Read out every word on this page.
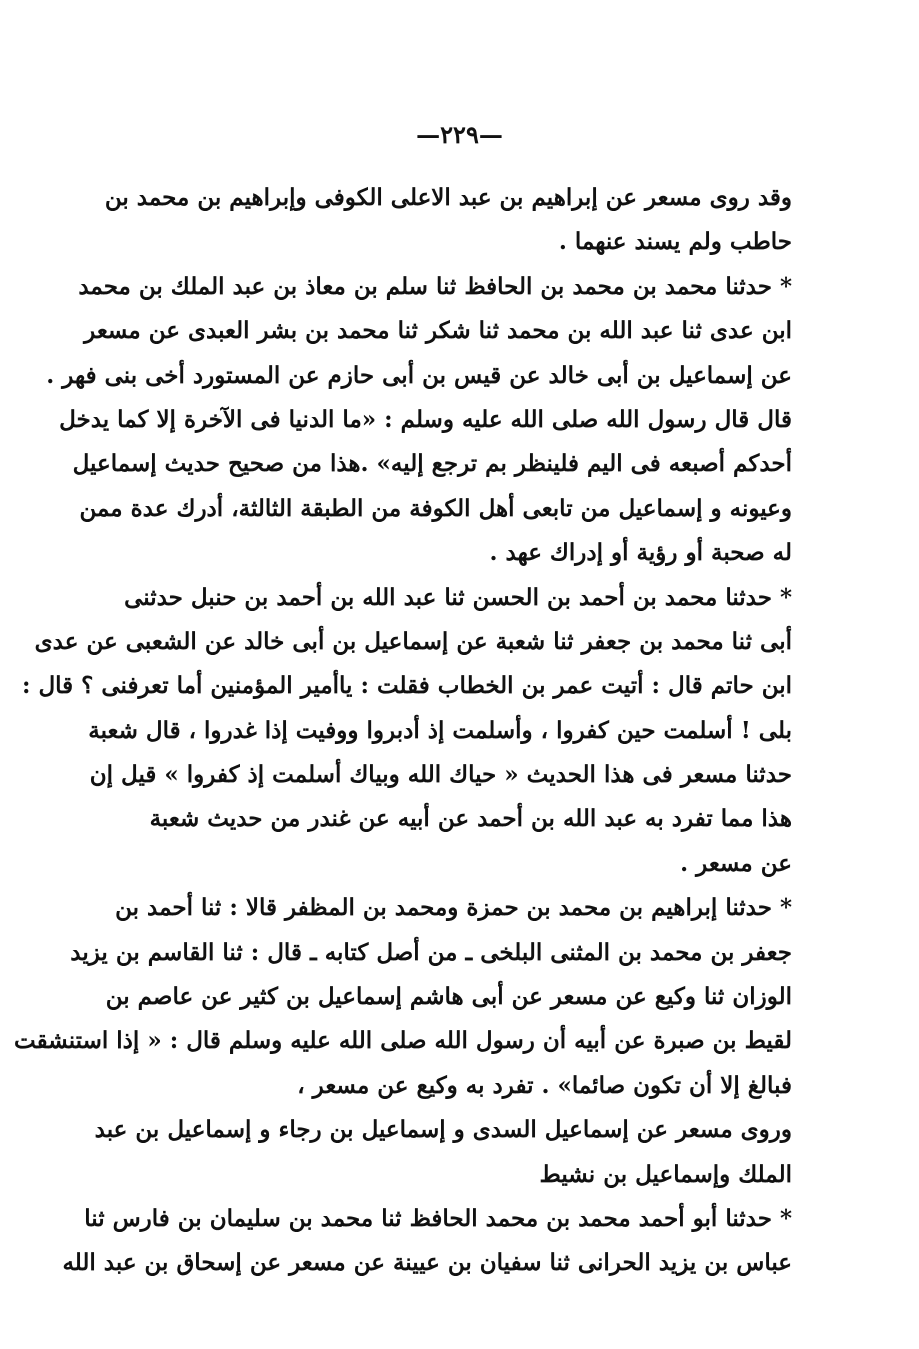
—٢٢٩—
وقد روى مسعر عن إبراهيم بن عبد الاعلى الكوفى وإبراهيم بن محمد بن
حاطب ولم يسند عنهما .
* حدثنا محمد بن محمد بن الحافظ ثنا سلم بن معاذ بن عبد الملك بن محمد
ابن عدى ثنا عبد الله بن محمد ثنا شكر ثنا محمد بن بشر العبدى عن مسعر
عن إسماعيل بن أبى خالد عن قيس بن أبى حازم عن المستورد أخى بنى فهر .
قال قال رسول الله صلى الله عليه وسلم : «ما الدنيا فى الآخرة إلا كما يدخل
أحدكم أصبعه فى اليم فلينظر بم ترجع إليه» .هذا من صحيح حديث إسماعيل
وعيونه و إسماعيل من تابعى أهل الكوفة من الطبقة الثالثة، أدرك عدة ممن
له صحبة أو رؤية أو إدراك عهد .
* حدثنا محمد بن أحمد بن الحسن ثنا عبد الله بن أحمد بن حنبل حدثنى
أبى ثنا محمد بن جعفر ثنا شعبة عن إسماعيل بن أبى خالد عن الشعبى عن عدى
ابن حاتم قال : أتيت عمر بن الخطاب فقلت : ياأمير المؤمنين أما تعرفنى ؟ قال :
بلى ! أسلمت حين كفروا ، وأسلمت إذ أدبروا ووفيت إذا غدروا ، قال شعبة
حدثنا مسعر فى هذا الحديث « حياك الله وبياك أسلمت إذ كفروا » قيل إن
هذا مما تفرد به عبد الله بن أحمد عن أبيه عن غندر من حديث شعبة
عن مسعر .
* حدثنا إبراهيم بن محمد بن حمزة ومحمد بن المظفر قالا : ثنا أحمد بن
جعفر بن محمد بن المثنى البلخى ـ من أصل كتابه ـ قال : ثنا القاسم بن يزيد
الوزان ثنا وكيع عن مسعر عن أبى هاشم إسماعيل بن كثير عن عاصم بن
لقيط بن صبرة عن أبيه أن رسول الله صلى الله عليه وسلم قال : « إذا استنشقت
فبالغ إلا أن تكون صائما» . تفرد به وكيع عن مسعر ،
وروى مسعر عن إسماعيل السدى و إسماعيل بن رجاء و إسماعيل بن عبد
الملك وإسماعيل بن نشيط
* حدثنا أبو أحمد محمد بن محمد الحافظ ثنا محمد بن سليمان بن فارس ثنا
عباس بن يزيد الحرانى ثنا سفيان بن عيينة عن مسعر عن إسحاق بن عبد الله
